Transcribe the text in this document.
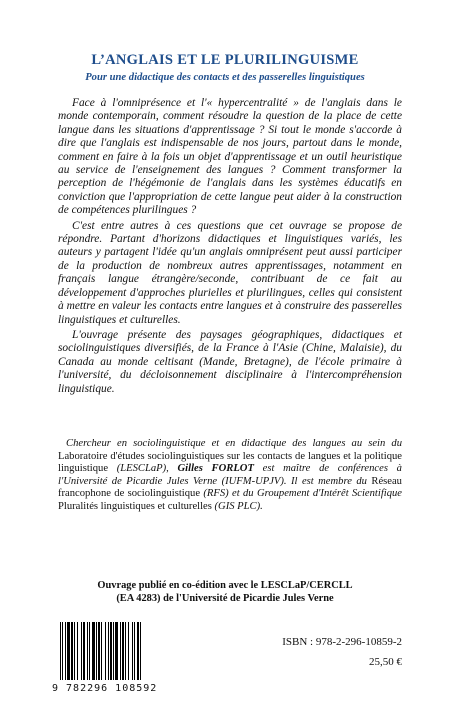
L’ANGLAIS ET LE PLURILINGUISME
Pour une didactique des contacts et des passerelles linguistiques

Face à l'omniprésence et l'« hypercentralité » de l'anglais dans le monde contemporain, comment résoudre la question de la place de cette langue dans les situations d'apprentissage ? Si tout le monde s'accorde à dire que l'anglais est indispensable de nos jours, partout dans le monde, comment en faire à la fois un objet d'apprentissage et un outil heuristique au service de l'enseignement des langues ? Comment transformer la perception de l'hégémonie de l'anglais dans les systèmes éducatifs en conviction que l'appropriation de cette langue peut aider à la construction de compétences plurilingues ?

C'est entre autres à ces questions que cet ouvrage se propose de répondre. Partant d'horizons didactiques et linguistiques variés, les auteurs y partagent l'idée qu'un anglais omniprésent peut aussi participer de la production de nombreux autres apprentissages, notamment en français langue étrangère/seconde, contribuant de ce fait au développement d'approches plurielles et plurilingues, celles qui consistent à mettre en valeur les contacts entre langues et à construire des passerelles linguistiques et culturelles.

L'ouvrage présente des paysages géographiques, didactiques et sociolinguistiques diversifiés, de la France à l'Asie (Chine, Malaisie), du Canada au monde celtisant (Mande, Bretagne), de l'école primaire à l'université, du décloisonnement disciplinaire à l'intercompréhension linguistique.

Chercheur en sociolinguistique et en didactique des langues au sein du Laboratoire d'études sociolinguistiques sur les contacts de langues et la politique linguistique (LESCLaP), Gilles FORLOT est maître de conférences à l'Université de Picardie Jules Verne (IUFM-UPJV). Il est membre du Réseau francophone de sociolinguistique (RFS) et du Groupement d'Intérêt Scientifique Pluralités linguistiques et culturelles (GIS PLC).
Ouvrage publié en co-édition avec le LESCLaP/CERCLL
(EA 4283) de l'Université de Picardie Jules Verne
9 782296 108592
ISBN : 978-2-296-10859-2
25,50 €
